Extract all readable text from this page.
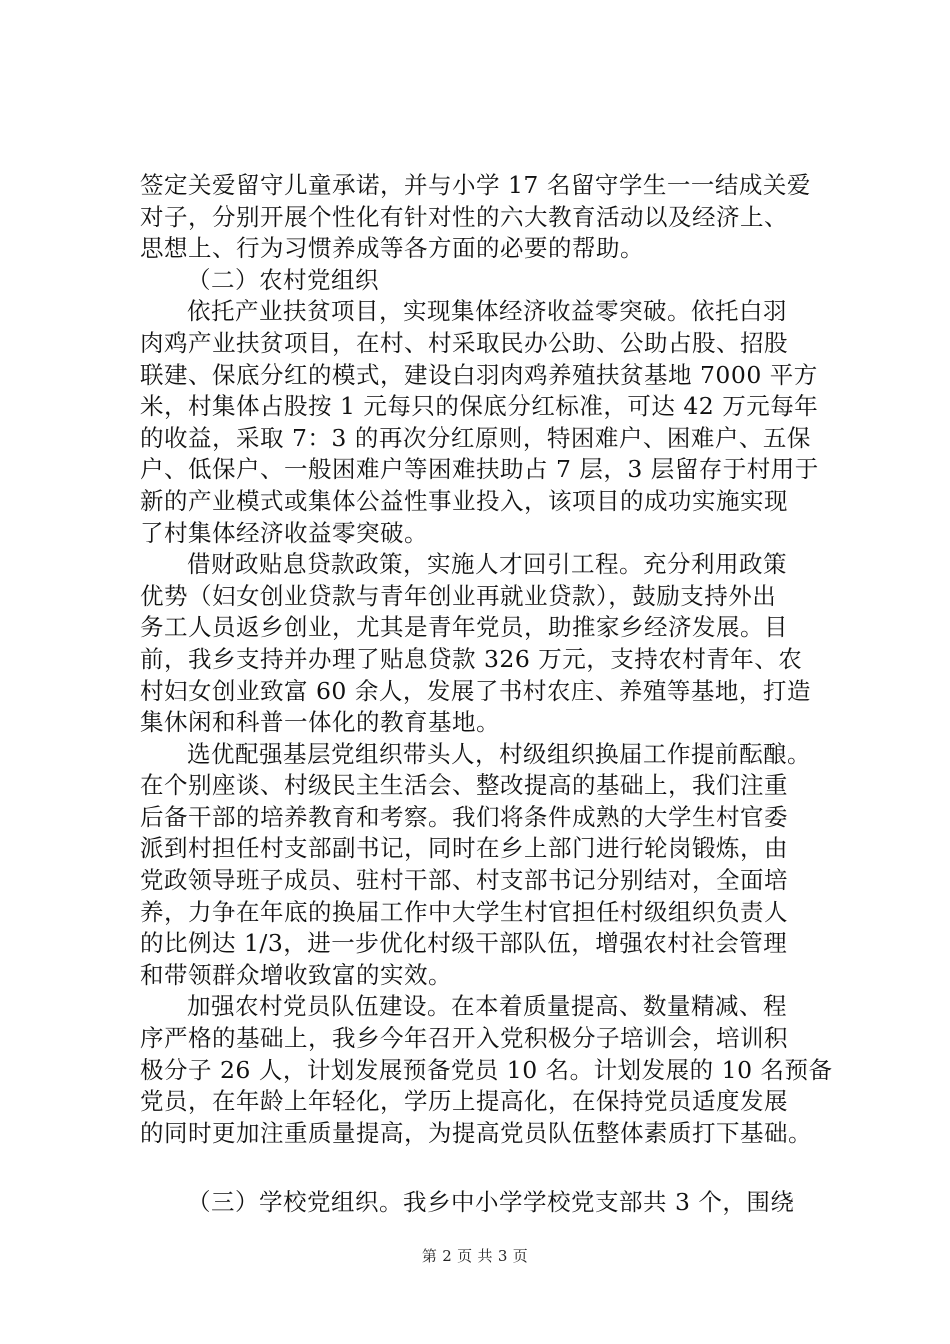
签定关爱留守儿童承诺，并与小学 17 名留守学生一一结成关爱
对子，分别开展个性化有针对性的六大教育活动以及经济上、
思想上、行为习惯养成等各方面的必要的帮助。
（二）农村党组织
依托产业扶贫项目，实现集体经济收益零突破。依托白羽
肉鸡产业扶贫项目，在村、村采取民办公助、公助占股、招股
联建、保底分红的模式，建设白羽肉鸡养殖扶贫基地 7000 平方
米，村集体占股按 1 元每只的保底分红标准，可达 42 万元每年
的收益，采取 7：3 的再次分红原则，特困难户、困难户、五保
户、低保户、一般困难户等困难扶助占 7 层，3 层留存于村用于
新的产业模式或集体公益性事业投入，该项目的成功实施实现
了村集体经济收益零突破。
借财政贴息贷款政策，实施人才回引工程。充分利用政策
优势（妇女创业贷款与青年创业再就业贷款），鼓励支持外出
务工人员返乡创业，尤其是青年党员，助推家乡经济发展。目
前，我乡支持并办理了贴息贷款 326 万元，支持农村青年、农
村妇女创业致富 60 余人，发展了书村农庄、养殖等基地，打造
集休闲和科普一体化的教育基地。
选优配强基层党组织带头人，村级组织换届工作提前酝酿。
在个别座谈、村级民主生活会、整改提高的基础上，我们注重
后备干部的培养教育和考察。我们将条件成熟的大学生村官委
派到村担任村支部副书记，同时在乡上部门进行轮岗锻炼，由
党政领导班子成员、驻村干部、村支部书记分别结对，全面培
养，力争在年底的换届工作中大学生村官担任村级组织负责人
的比例达 1/3，进一步优化村级干部队伍，增强农村社会管理
和带领群众增收致富的实效。
加强农村党员队伍建设。在本着质量提高、数量精减、程
序严格的基础上，我乡今年召开入党积极分子培训会，培训积
极分子 26 人，计划发展预备党员 10 名。计划发展的 10 名预备
党员，在年龄上年轻化，学历上提高化，在保持党员适度发展
的同时更加注重质量提高，为提高党员队伍整体素质打下基础。
（三）学校党组织。我乡中小学学校党支部共 3 个，围绕
第 2 页 共 3 页
